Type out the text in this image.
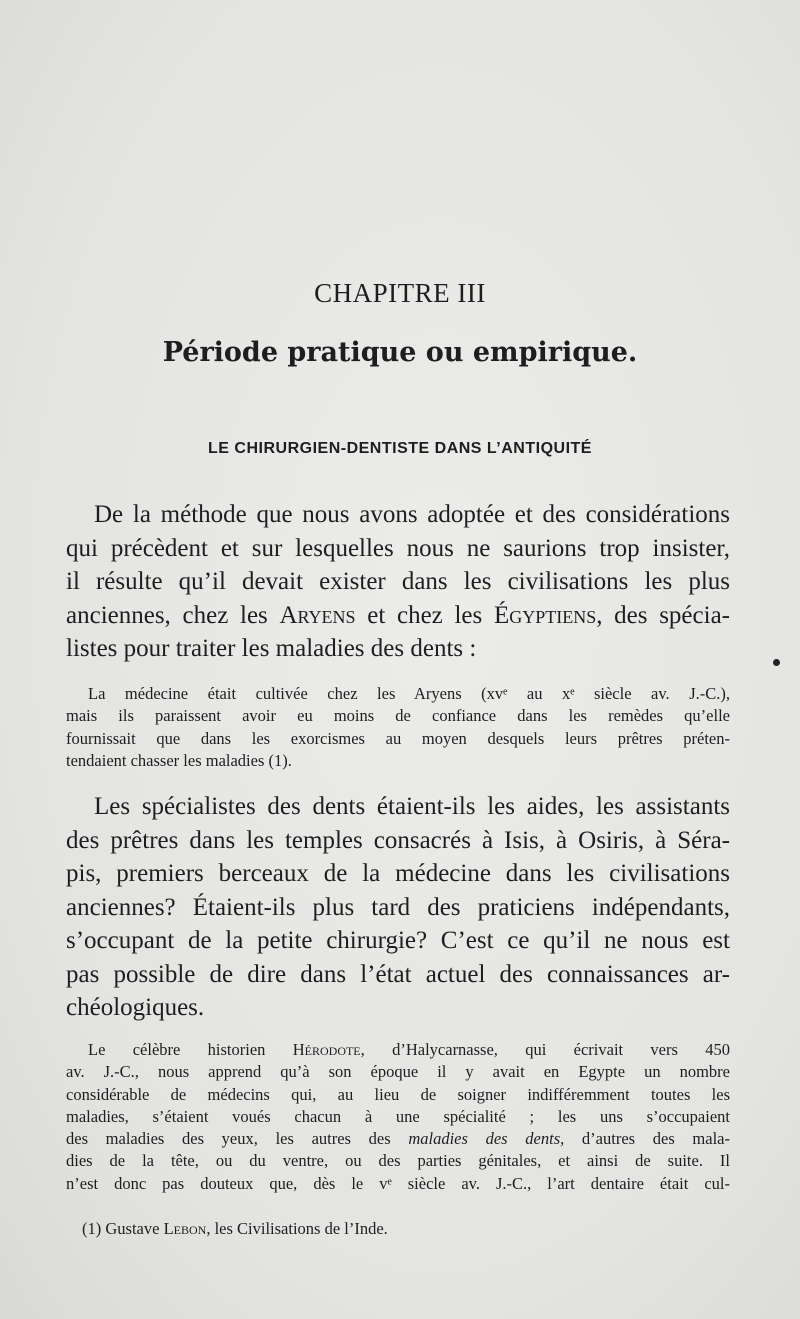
CHAPITRE III
Période pratique ou empirique.
LE CHIRURGIEN-DENTISTE DANS L’ANTIQUITÉ
De la méthode que nous avons adoptée et des considérations
qui précèdent et sur lesquelles nous ne saurions trop insister,
il résulte qu’il devait exister dans les civilisations les plus
anciennes, chez les Aryens et chez les Égyptiens, des spécia-
listes pour traiter les maladies des dents :
La médecine était cultivée chez les Aryens (xvᵉ au xᵉ siècle av. J.-C.),
mais ils paraissent avoir eu moins de confiance dans les remèdes qu’elle
fournissait que dans les exorcismes au moyen desquels leurs prêtres préten-
tendaient chasser les maladies (1).
Les spécialistes des dents étaient-ils les aides, les assistants
des prêtres dans les temples consacrés à Isis, à Osiris, à Séra-
pis, premiers berceaux de la médecine dans les civilisations
anciennes? Étaient-ils plus tard des praticiens indépendants,
s’occupant de la petite chirurgie? C’est ce qu’il ne nous est
pas possible de dire dans l’état actuel des connaissances ar-
chéologiques.
Le célèbre historien Hérodote, d’Halycarnasse, qui écrivait vers 450
av. J.-C., nous apprend qu’à son époque il y avait en Egypte un nombre
considérable de médecins qui, au lieu de soigner indifféremment toutes les
maladies, s’étaient voués chacun à une spécialité ; les uns s’occupaient
des maladies des yeux, les autres des maladies des dents, d’autres des mala-
dies de la tête, ou du ventre, ou des parties génitales, et ainsi de suite. Il
n’est donc pas douteux que, dès le vᵉ siècle av. J.-C., l’art dentaire était cul-
(1) Gustave Lebon, les Civilisations de l’Inde.
